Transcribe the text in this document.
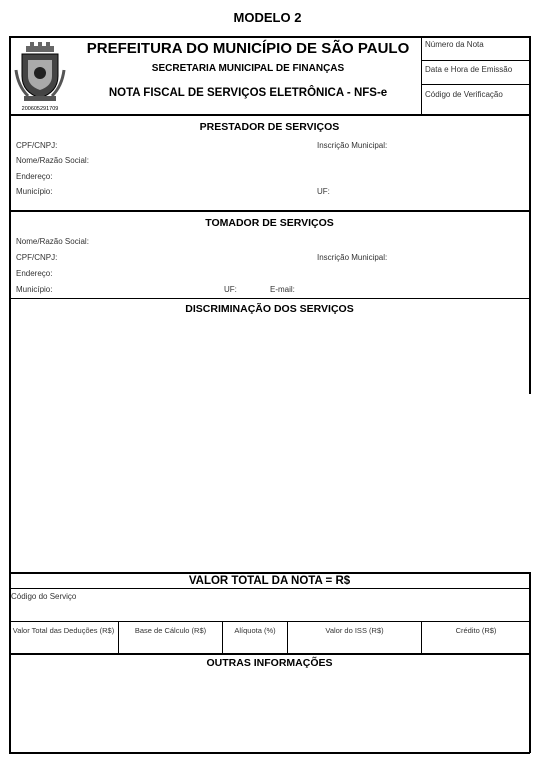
MODELO 2
200605291709
PREFEITURA DO MUNICÍPIO DE SÃO PAULO
SECRETARIA MUNICIPAL DE FINANÇAS
NOTA FISCAL DE SERVIÇOS ELETRÔNICA - NFS-e
Número da Nota
Data e Hora de Emissão
Código de Verificação
PRESTADOR DE SERVIÇOS
CPF/CNPJ:	Inscrição Municipal:
Nome/Razão Social:
Endereço:
Município:	UF:
TOMADOR DE SERVIÇOS
Nome/Razão Social:
CPF/CNPJ:	Inscrição Municipal:
Endereço:
Município:	UF:	E-mail:
DISCRIMINAÇÃO DOS SERVIÇOS
VALOR TOTAL DA NOTA = R$
Código do Serviço
Valor Total das Deduções (R$)	Base de Cálculo (R$)	Alíquota (%)	Valor do ISS (R$)	Crédito (R$)
OUTRAS INFORMAÇÕES
